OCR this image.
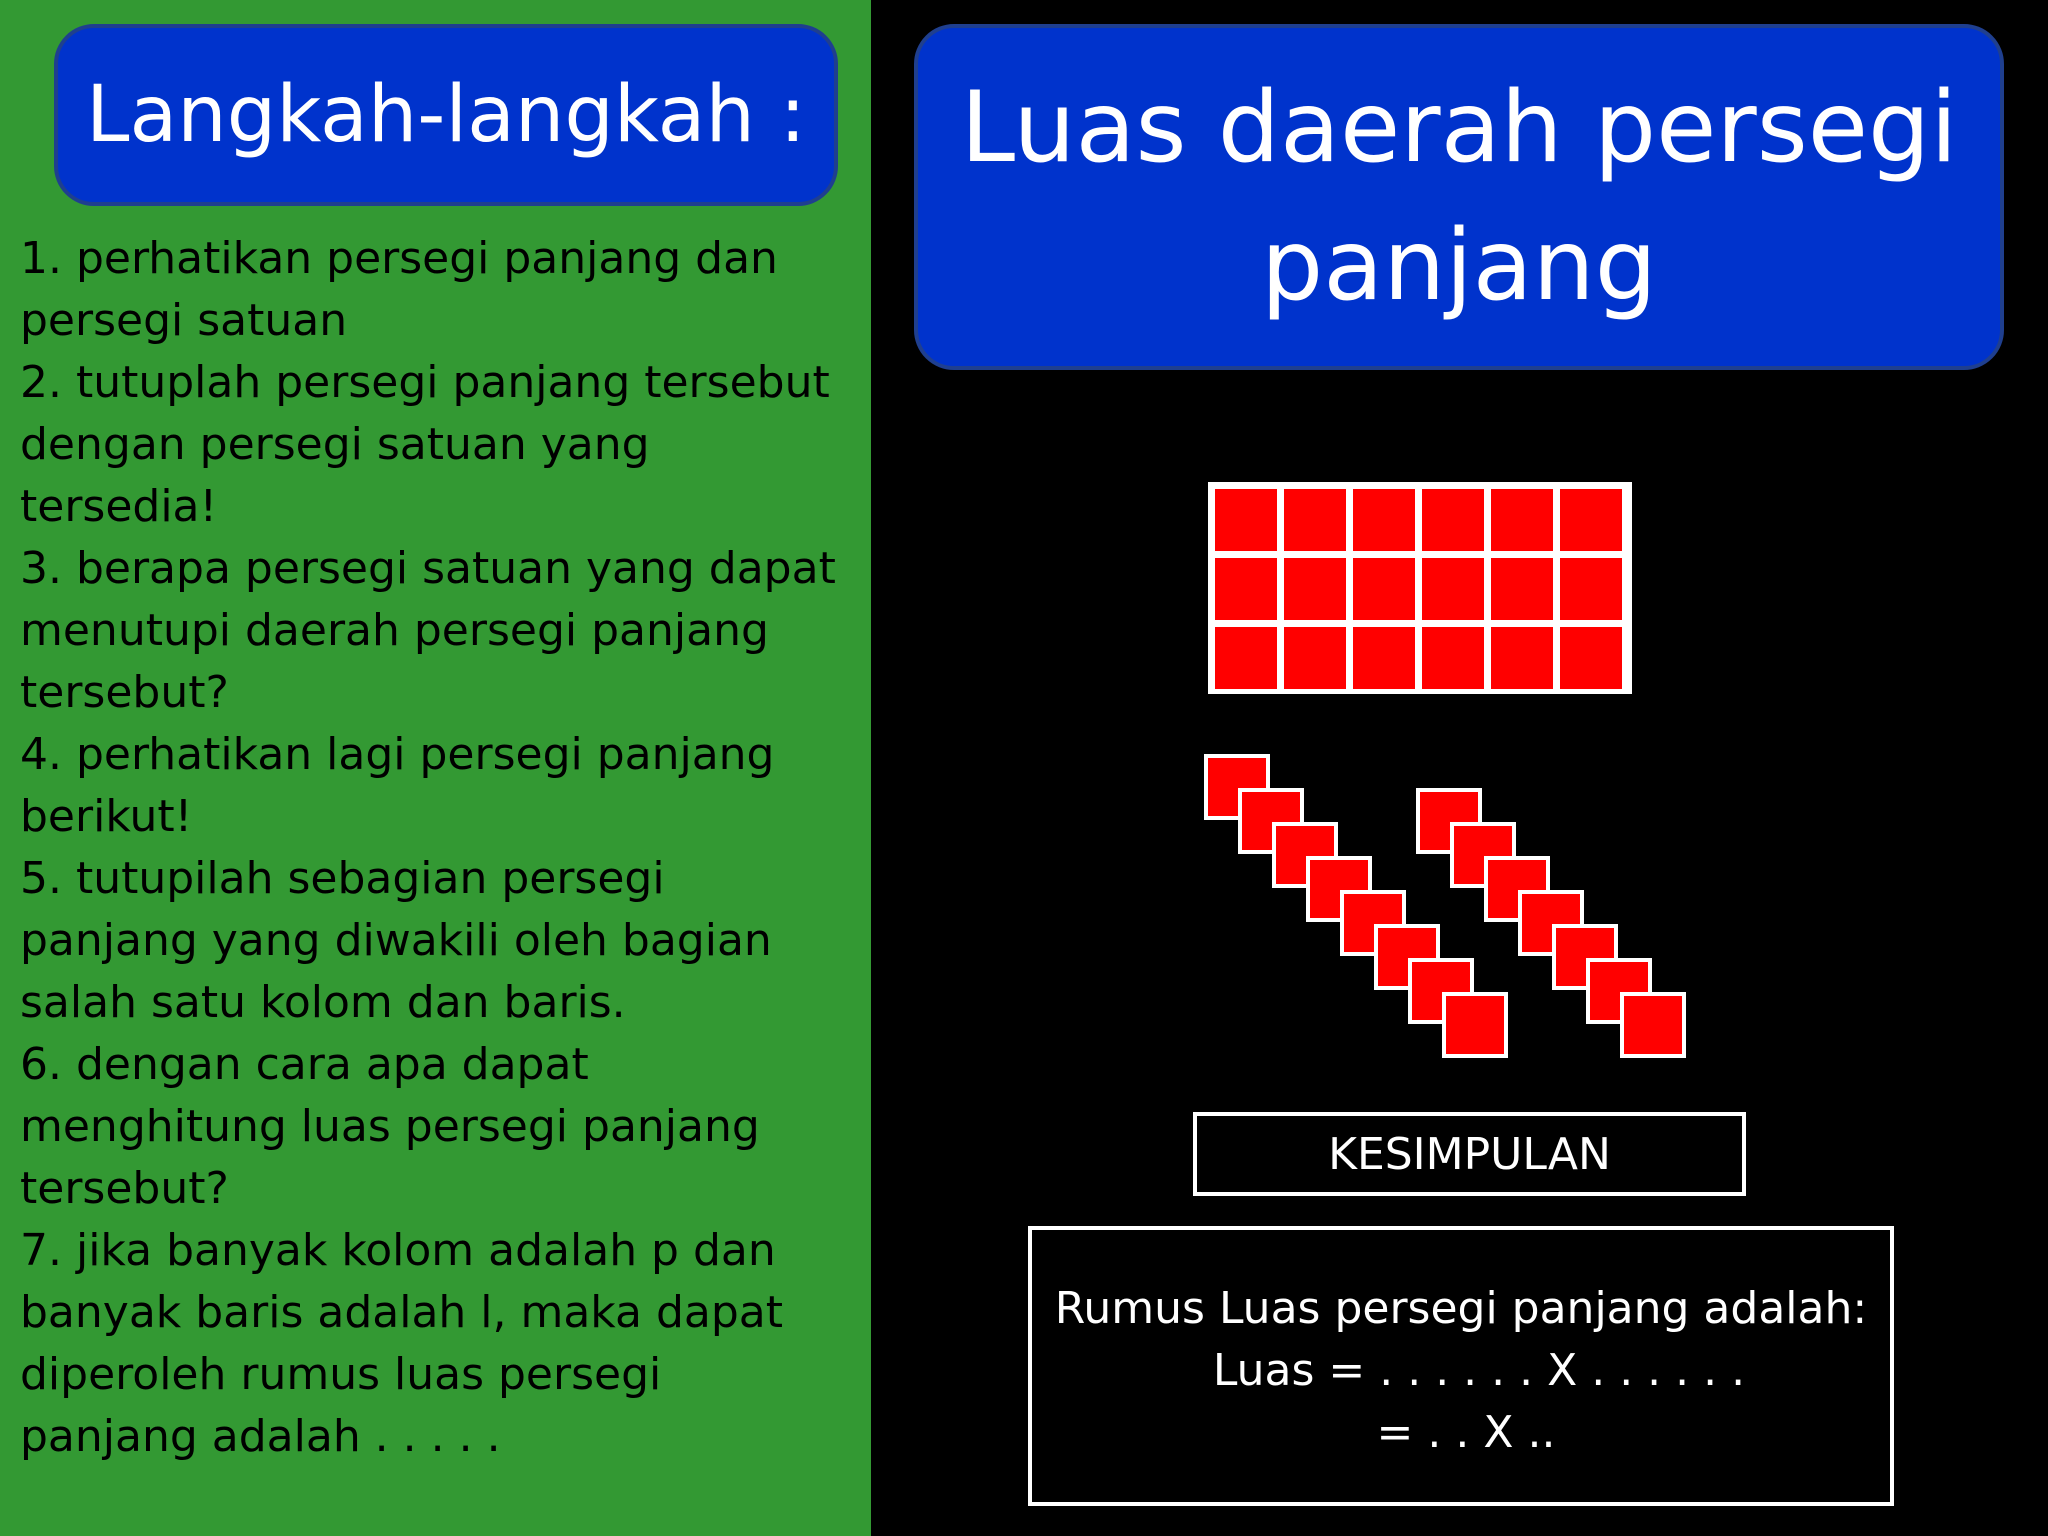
Langkah-langkah :
1. perhatikan persegi panjang dan persegi satuan
2. tutuplah persegi panjang tersebut dengan persegi satuan yang tersedia!
3. berapa persegi satuan yang dapat menutupi daerah persegi panjang tersebut?
4. perhatikan lagi persegi panjang berikut!
5. tutupilah sebagian persegi panjang yang diwakili oleh bagian salah satu kolom dan baris.
6. dengan cara apa dapat menghitung luas persegi panjang tersebut?
7. jika banyak kolom adalah p dan banyak baris adalah l, maka dapat diperoleh rumus luas persegi panjang adalah . . . . .
Luas daerah persegi panjang
KESIMPULAN
Rumus Luas persegi panjang adalah:
Luas = . . . . . . X . . . . . .
= . . X ..
